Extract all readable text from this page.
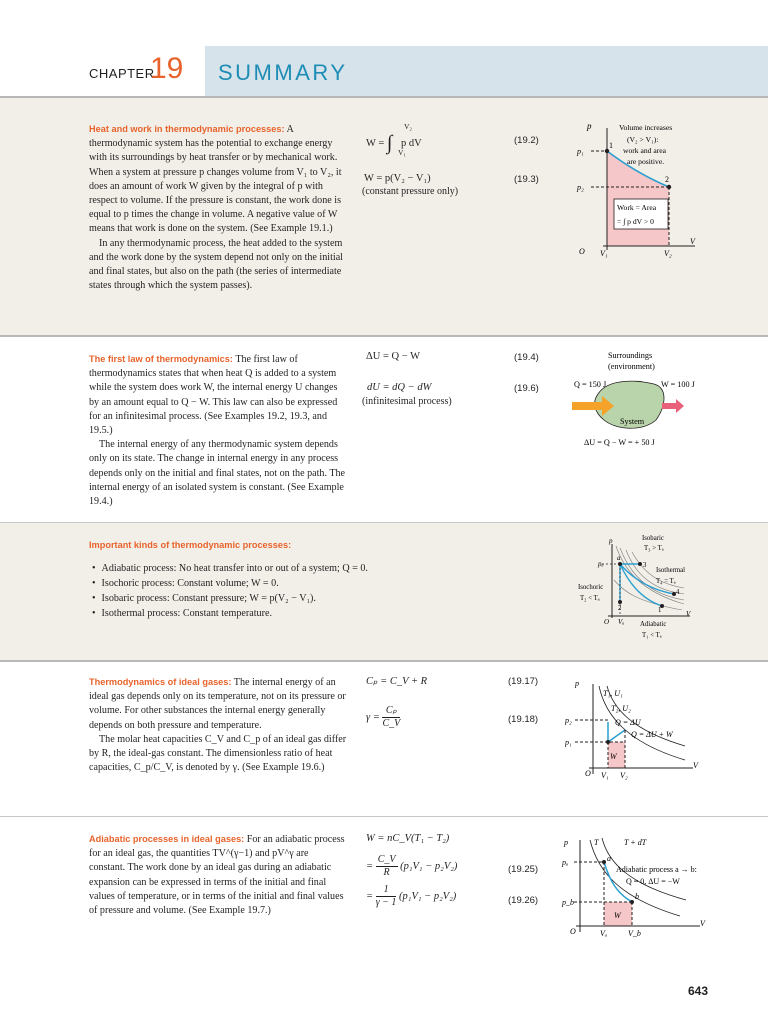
CHAPTER
19 SUMMARY

Heat and work in thermodynamic processes: A thermodynamic system has the potential to exchange energy with its surroundings by heat transfer or by mechanical work. When a system at pressure p changes volume from V₁ to V₂, it does an amount of work W given by the integral of p with respect to volume. If the pressure is constant, the work done is equal to p times the change in volume. A negative value of W means that work is done on the system. (See Example 19.1.)

In any thermodynamic process, the heat added to the system and the work done by the system depend not only on the initial and final states, but also on the path (the series of intermediate states through which the system passes).

W = ∫
V₂
V₁
p dV	(19.2)
W = p(V₂ − V₁)
(constant pressure only)
(19.3)
p
p₁
p₂
O V₁	V₂
V
1
2
Volume increases
(V₂ > V₁):
work and area
are positive.
Work = Area
= ∫ p dV > 0

The first law of thermodynamics: The first law of thermodynamics states that when heat Q is added to a system while the system does work W, the internal energy U changes by an amount equal to Q − W. This law can also be expressed for an infinitesimal process. (See Examples 19.2, 19.3, and 19.5.)

The internal energy of any thermodynamic system depends only on its state. The change in internal energy in any process depends only on the initial and final states, not on the path. The internal energy of an isolated system is constant. (See Example 19.4.)

ΔU = Q − W	(19.4)
dU = dQ − dW
(infinitesimal process)
(19.6)
Surroundings
(environment)
Q = 150 J	W = 100 J
System
ΔU = Q − W = + 50 J

Important kinds of thermodynamic processes:

• Adiabatic process: No heat transfer into or out of a system; Q = 0.
• Isochoric process: Constant volume; W = 0.
• Isobaric process: Constant pressure; W = p(V₂ − V₁).
• Isothermal process: Constant temperature.
p
pₐ
a
O Vₐ
V
Isobaric
T₃ > Tₐ
Isothermal
T₄ = Tₐ
Isochoric
T₂ < Tₐ
Adiabatic
T₁ < Tₐ
1
2
3
4

Thermodynamics of ideal gases: The internal energy of an ideal gas depends only on its temperature, not on its pressure or volume. For other substances the internal energy generally depends on both pressure and temperature.

The molar heat capacities C_V and C_p of an ideal gas differ by R, the ideal-gas constant. The dimensionless ratio of heat capacities, C_p/C_V, is denoted by γ. (See Example 19.6.)

Cₚ = C_V + R	(19.17)
$\gamma = \frac{\text{Cₚ}}{C\_V}$	(19.18)
p
T₁, U₁
T₂, U₂
Q = ΔU
Q = ΔU + W
p₂
p₁
W
O V₁ V₂
V

Adiabatic processes in ideal gases: For an adiabatic process for an ideal gas, the quantities TV^(γ−1) and pV^γ are constant. The work done by an ideal gas during an adiabatic expansion can be expressed in terms of the initial and final values of temperature, or in terms of the initial and final values of pressure and volume. (See Example 19.7.)

W = nC_V(T₁ − T₂)
= $\frac{C\_V}{R} (p_1V_1 - p_2V_2)$	(19.25)
= $\frac{1}{\gamma - 1} (p_1V_1 - p_2V_2)$	(19.26)
p	T	T + dT
pₐ
p_b
a
b
Adiabatic process a → b:
Q = 0, ΔU = −W
W
O	Vₐ	V_b
V
643
